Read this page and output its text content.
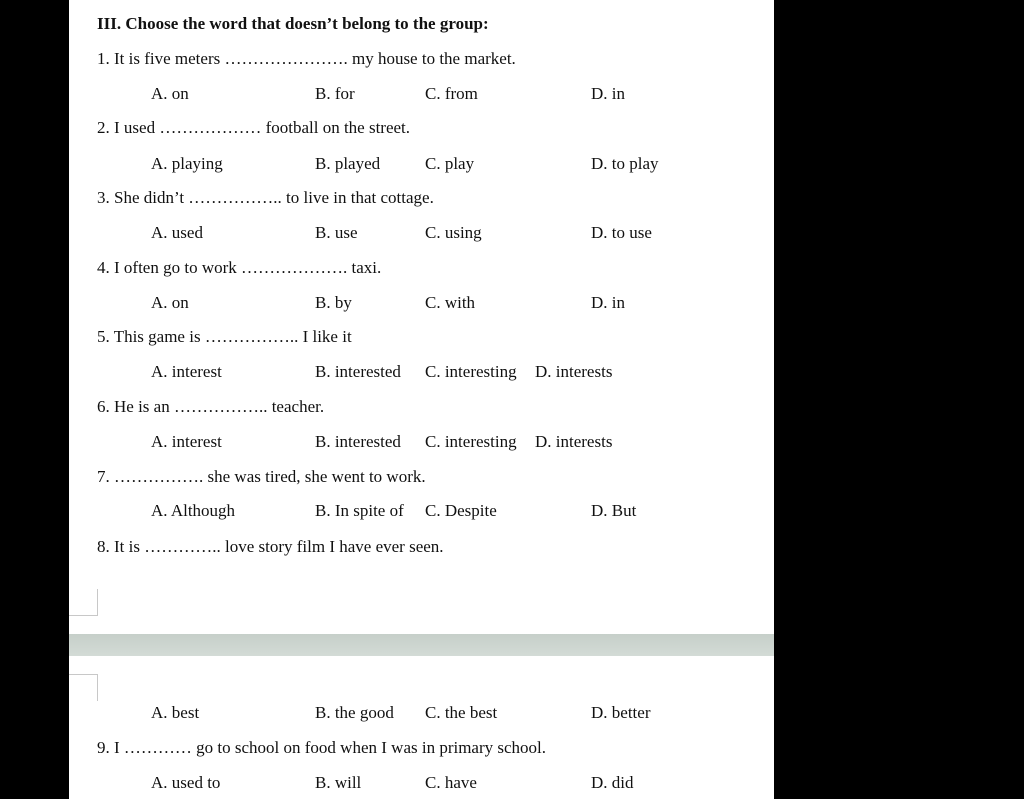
III. Choose the word that doesn’t belong to the group:
1. It is five meters …………………. my house to the market.
A. on	B. for	C. from	D. in
2. I used ……………… football on the street.
A. playing	B. played	C. play	D. to play
3. She didn’t …………….. to live in that cottage.
A. used	B. use	C. using	D. to use
4. I often go to work ………………. taxi.
A. on	B. by	C. with	D. in
5. This game is …………….. I like it
A. interest	B. interested C. interesting D. interests
6. He is an …………….. teacher.
A. interest	B. interested C. interesting D. interests
7. ……………. she was tired, she went to work.
A. Although	B. In spite of C. Despite	D. But
8. It is ………….. love story film I have ever seen.
A. best	B. the good C. the best	D. better
9. I ………… go to school on food when I was in primary school.
A. used to	B. will	C. have	D. did
